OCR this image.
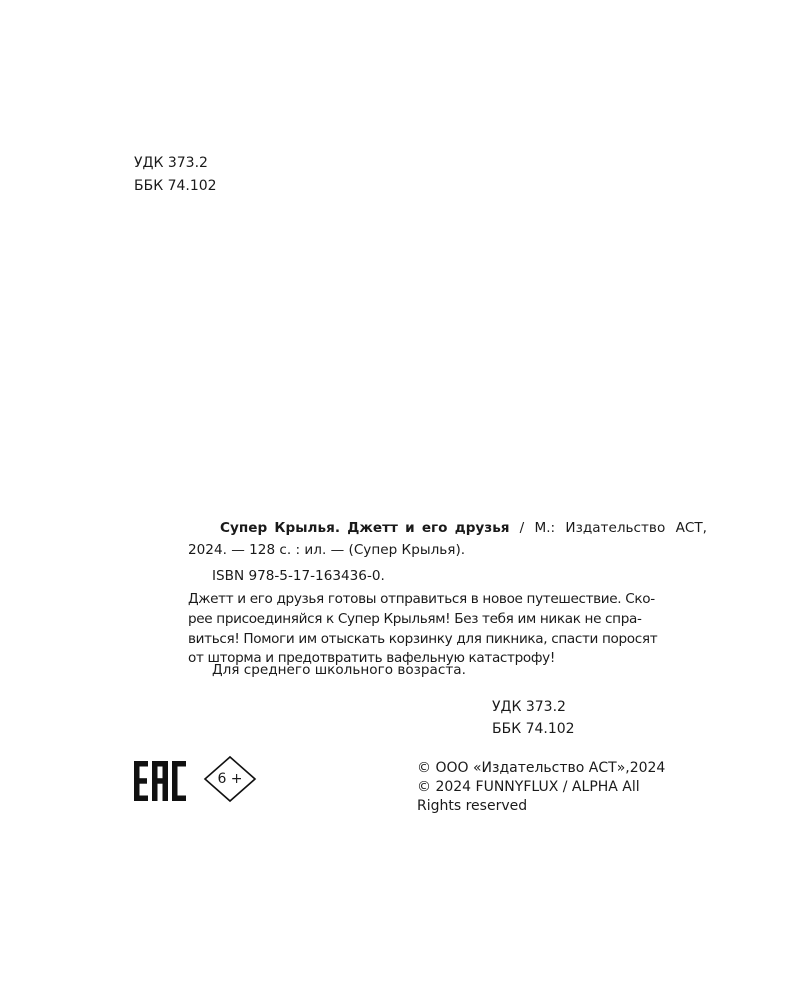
УДК 373.2
ББК 74.102
Супер Крылья. Джетт и его друзья / М.: Издательство АСТ,
2024. — 128 с. : ил. — (Супер Крылья).
ISBN 978-5-17-163436-0.
Джетт и его друзья готовы отправиться в новое путешествие. Ско-
рее присоединяйся к Супер Крыльям! Без тебя им никак не спра-
виться! Помоги им отыскать корзинку для пикника, спасти поросят
от шторма и предотвратить вафельную катастрофу!
Для среднего школьного возраста.
УДК 373.2
ББК 74.102
6 +
© ООО «Издательство АСТ»,2024
© 2024 FUNNYFLUX / ALPHA All
Rights reserved
